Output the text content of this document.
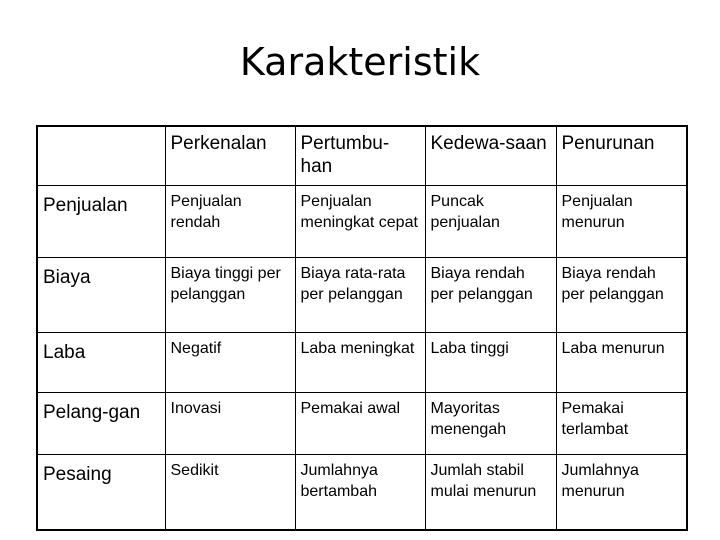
Karakteristik
	Perkenalan	Pertumbu-han	Kedewa-saan	Penurunan
Penjualan	Penjualan rendah	Penjualan meningkat cepat	Puncak penjualan	Penjualan menurun
Biaya	Biaya tinggi per pelanggan	Biaya rata-rata per pelanggan	Biaya rendah per pelanggan	Biaya rendah per pelanggan
Laba	Negatif	Laba meningkat	Laba tinggi	Laba menurun
Pelang-gan	Inovasi	Pemakai awal	Mayoritas menengah	Pemakai terlambat
Pesaing	Sedikit	Jumlahnya bertambah	Jumlah stabil mulai menurun	Jumlahnya menurun
